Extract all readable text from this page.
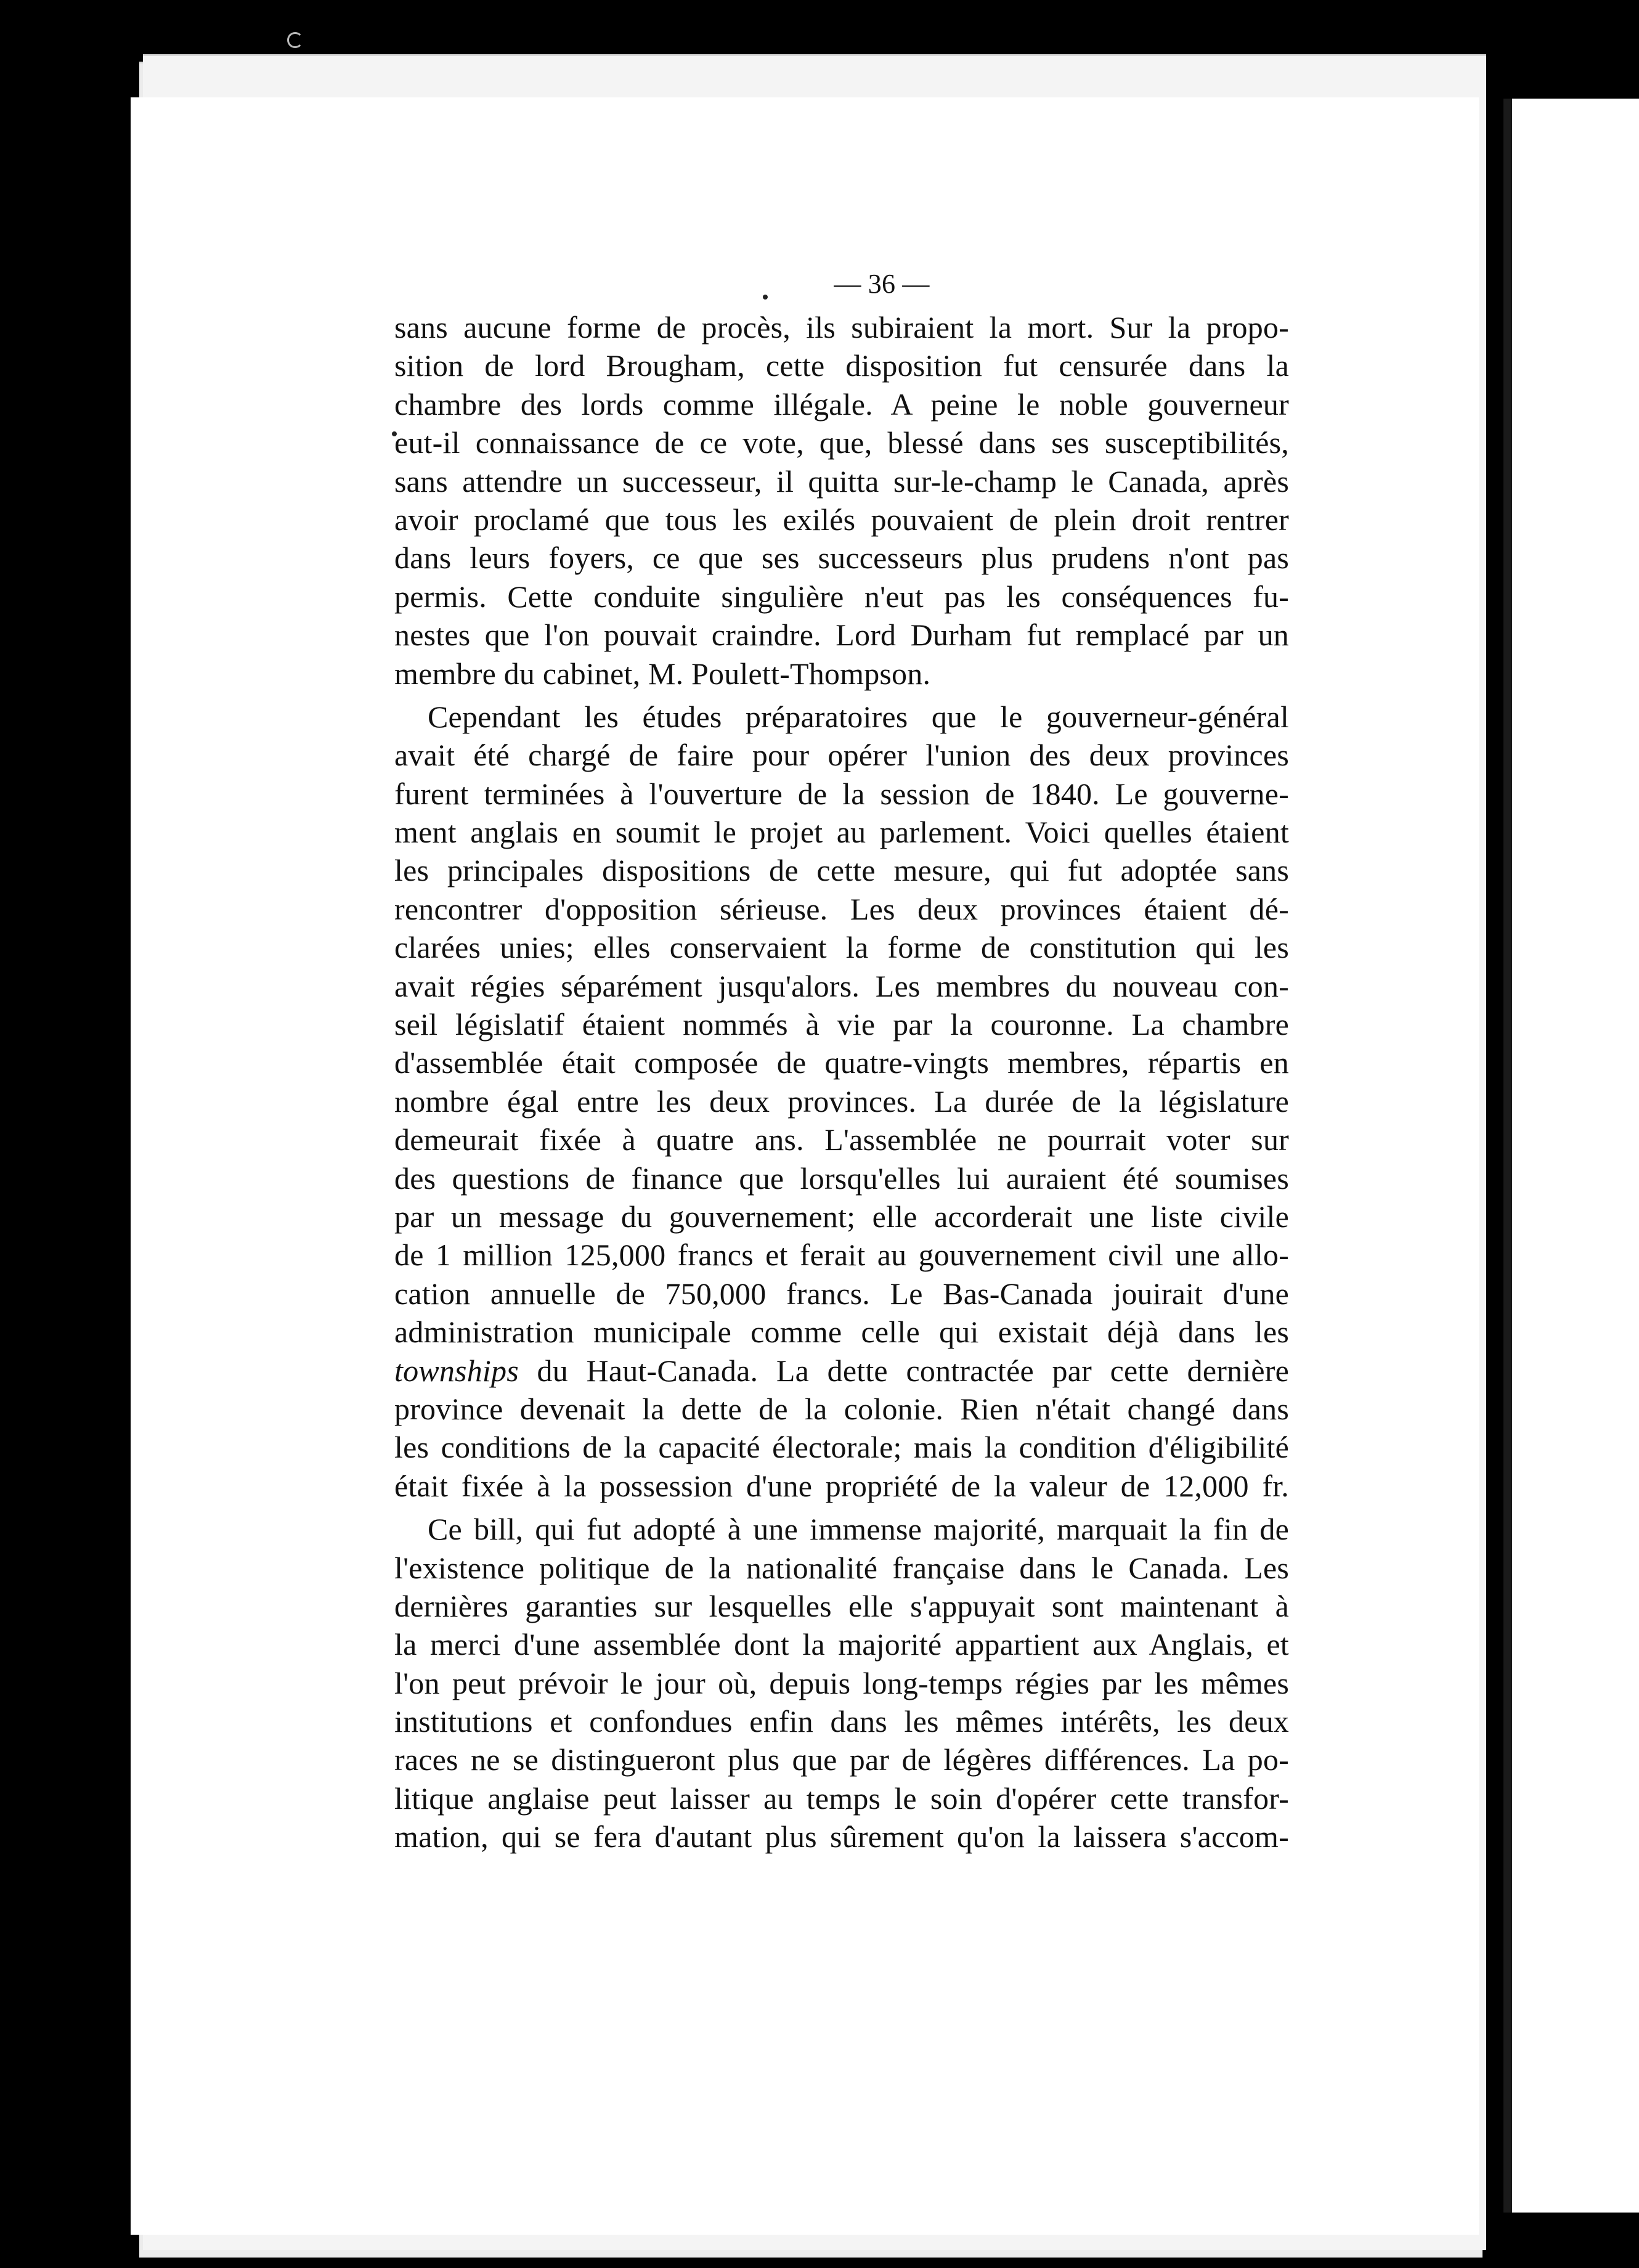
— 36 —
sans aucune forme de procès, ils subiraient la mort. Sur la propo-
sition de lord Brougham, cette disposition fut censurée dans la
chambre des lords comme illégale. A peine le noble gouverneur
eut-il connaissance de ce vote, que, blessé dans ses susceptibilités,
sans attendre un successeur, il quitta sur-le-champ le Canada, après
avoir proclamé que tous les exilés pouvaient de plein droit rentrer
dans leurs foyers, ce que ses successeurs plus prudens n'ont pas
permis. Cette conduite singulière n'eut pas les conséquences fu-
nestes que l'on pouvait craindre. Lord Durham fut remplacé par un
membre du cabinet, M. Poulett-Thompson.
Cependant les études préparatoires que le gouverneur-général
avait été chargé de faire pour opérer l'union des deux provinces
furent terminées à l'ouverture de la session de 1840. Le gouverne-
ment anglais en soumit le projet au parlement. Voici quelles étaient
les principales dispositions de cette mesure, qui fut adoptée sans
rencontrer d'opposition sérieuse. Les deux provinces étaient dé-
clarées unies; elles conservaient la forme de constitution qui les
avait régies séparément jusqu'alors. Les membres du nouveau con-
seil législatif étaient nommés à vie par la couronne. La chambre
d'assemblée était composée de quatre-vingts membres, répartis en
nombre égal entre les deux provinces. La durée de la législature
demeurait fixée à quatre ans. L'assemblée ne pourrait voter sur
des questions de finance que lorsqu'elles lui auraient été soumises
par un message du gouvernement; elle accorderait une liste civile
de 1 million 125,000 francs et ferait au gouvernement civil une allo-
cation annuelle de 750,000 francs. Le Bas-Canada jouirait d'une
administration municipale comme celle qui existait déjà dans les
townships du Haut-Canada. La dette contractée par cette dernière
province devenait la dette de la colonie. Rien n'était changé dans
les conditions de la capacité électorale; mais la condition d'éligibilité
était fixée à la possession d'une propriété de la valeur de 12,000 fr.
Ce bill, qui fut adopté à une immense majorité, marquait la fin de
l'existence politique de la nationalité française dans le Canada. Les
dernières garanties sur lesquelles elle s'appuyait sont maintenant à
la merci d'une assemblée dont la majorité appartient aux Anglais, et
l'on peut prévoir le jour où, depuis long-temps régies par les mêmes
institutions et confondues enfin dans les mêmes intérêts, les deux
races ne se distingueront plus que par de légères différences. La po-
litique anglaise peut laisser au temps le soin d'opérer cette transfor-
mation, qui se fera d'autant plus sûrement qu'on la laissera s'accom-
